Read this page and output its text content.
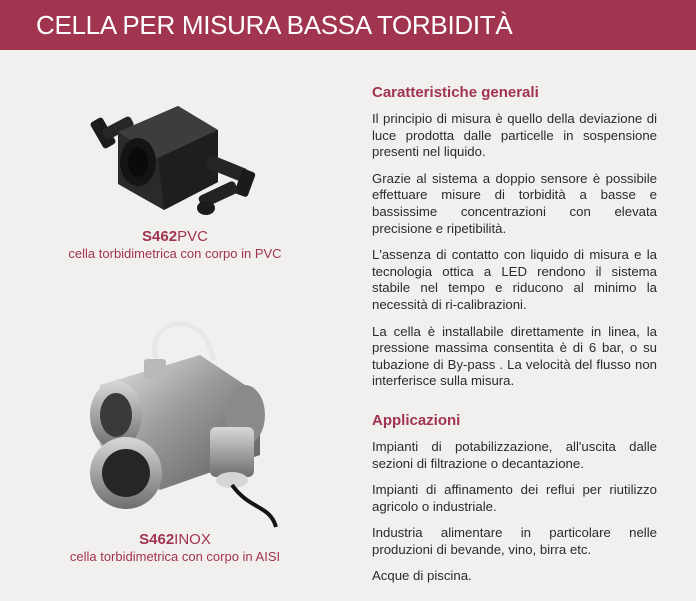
CELLA PER MISURA BASSA TORBIDITÀ
S462PVC
cella torbidimetrica con corpo in PVC
S462INOX
cella torbidimetrica con corpo in AISI
Caratteristiche generali

Il principio di misura è quello della deviazione di luce prodotta dalle particelle in sospensione presenti nel liquido.

Grazie al sistema a doppio sensore è possibile effettuare misure di torbidità a basse e bassissime concentrazioni con elevata precisione e ripetibilità.

L'assenza di contatto con liquido di misura e la tecnologia ottica a LED rendono il sistema stabile nel tempo e riducono al minimo la necessità di ri-calibrazioni.

La cella è installabile direttamente in linea, la pressione massima consentita è di 6 bar, o su tubazione di By-pass . La velocità del flusso non interferisce sulla misura.

Applicazioni

Impianti di potabilizzazione, all'uscita dalle sezioni di filtrazione o decantazione.

Impianti di affinamento dei reflui per riutilizzo agricolo o industriale.

Industria alimentare in particolare nelle produzioni di bevande, vino, birra etc.

Acque di piscina.
